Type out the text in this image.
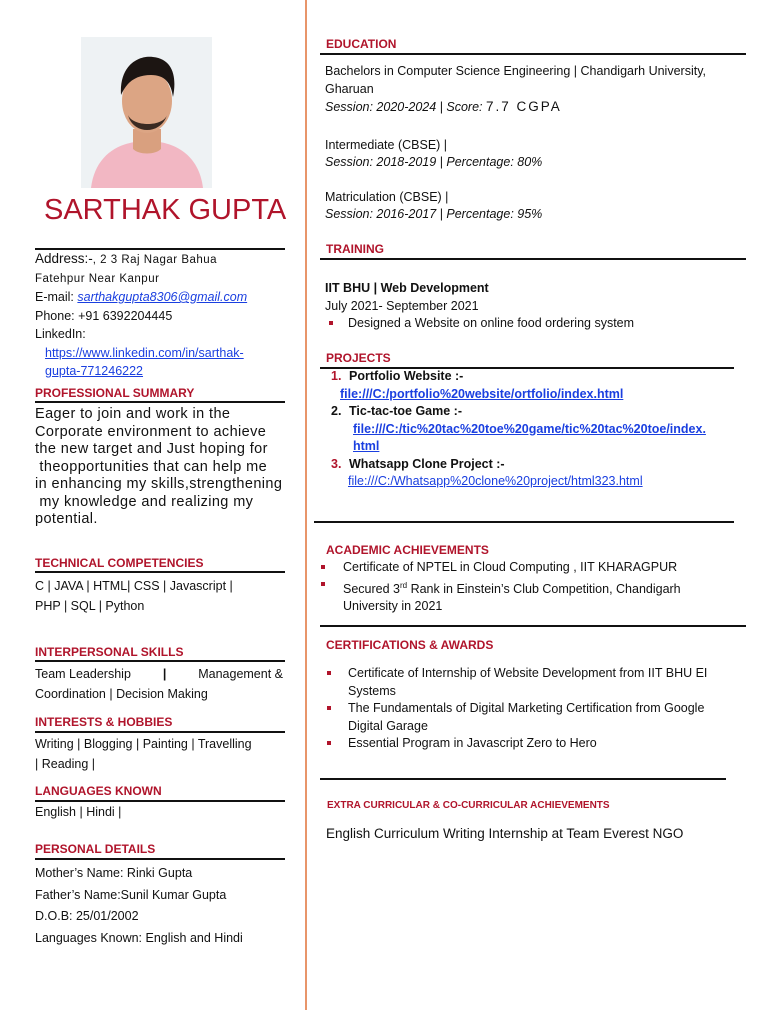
SARTHAK GUPTA
Address:-, 2 3 Raj Nagar Bahua
Fatehpur Near Kanpur
E-mail: sarthakgupta8306@gmail.com
Phone: +91 6392204445
LinkedIn:
https://www.linkedin.com/in/sarthak-
gupta-771246222
PROFESSIONAL SUMMARY
Eager to join and work in the
Corporate environment to achieve
the new target and Just hoping for
theopportunities that can help me
in enhancing my skills,strengthening
my knowledge and realizing my
potential.
TECHNICAL COMPETENCIES
C | JAVA | HTML| CSS | Javascript |
PHP | SQL | Python
INTERPERSONAL SKILLS
Team Leadership	|	Management &
Coordination | Decision Making
INTERESTS & HOBBIES
Writing | Blogging | Painting | Travelling
| Reading |
LANGUAGES KNOWN
English | Hindi |
PERSONAL DETAILS
Mother’s Name: Rinki Gupta
Father’s Name:Sunil Kumar Gupta
D.O.B: 25/01/2002
Languages Known: English and Hindi
EDUCATION
Bachelors in Computer Science Engineering | Chandigarh University,
Gharuan
Session: 2020-2024 | Score: 7.7 CGPA
Intermediate (CBSE) |
Session: 2018-2019 | Percentage: 80%
Matriculation (CBSE) |
Session: 2016-2017 | Percentage: 95%
TRAINING
IIT BHU | Web Development
July 2021- September 2021
Designed a Website on online food ordering system
PROJECTS
1. Portfolio Website :-
file:///C:/portfolio%20website/ortfolio/index.html
2. Tic-tac-toe Game :-
file:///C:/tic%20tac%20toe%20game/tic%20tac%20toe/index.
html
3. Whatsapp Clone Project :-
file:///C:/Whatsapp%20clone%20project/html323.html
ACADEMIC ACHIEVEMENTS
Certificate of NPTEL in Cloud Computing , IIT KHARAGPUR
Secured 3rd Rank in Einstein’s Club Competition, Chandigarh
University in 2021
CERTIFICATIONS & AWARDS
Certificate of Internship of Website Development from IIT BHU EI
Systems
The Fundamentals of Digital Marketing Certification from Google
Digital Garage
Essential Program in Javascript Zero to Hero
EXTRA CURRICULAR & CO-CURRICULAR ACHIEVEMENTS
English Curriculum Writing Internship at Team Everest NGO
